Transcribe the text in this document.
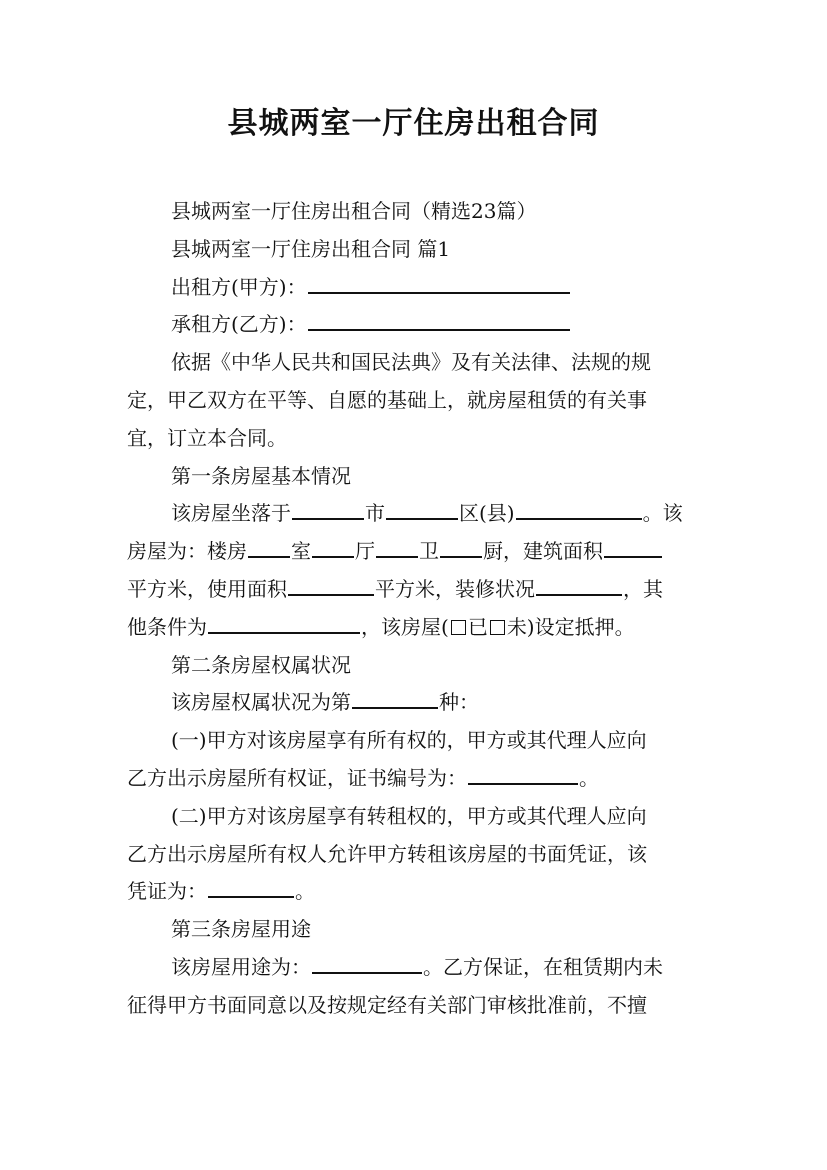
县城两室一厅住房出租合同
县城两室一厅住房出租合同（精选23篇）
县城两室一厅住房出租合同 篇1
出租方(甲方)：
承租方(乙方)：
依据《中华人民共和国民法典》及有关法律、法规的规
定，甲乙双方在平等、自愿的基础上，就房屋租赁的有关事
宜，订立本合同。
第一条房屋基本情况
该房屋坐落于	市	区(县)	。该
房屋为：楼房 室 厅 卫 厨，建筑面积
平方米，使用面积	平方米，装修状况	，其
他条件为	，该房屋( 已 未)设定抵押。
第二条房屋权属状况
该房屋权属状况为第	种：
(一)甲方对该房屋享有所有权的，甲方或其代理人应向
乙方出示房屋所有权证，证书编号为：	。
(二)甲方对该房屋享有转租权的，甲方或其代理人应向
乙方出示房屋所有权人允许甲方转租该房屋的书面凭证，该
凭证为：	。
第三条房屋用途
该房屋用途为：	。乙方保证，在租赁期内未
征得甲方书面同意以及按规定经有关部门审核批准前，不擅
